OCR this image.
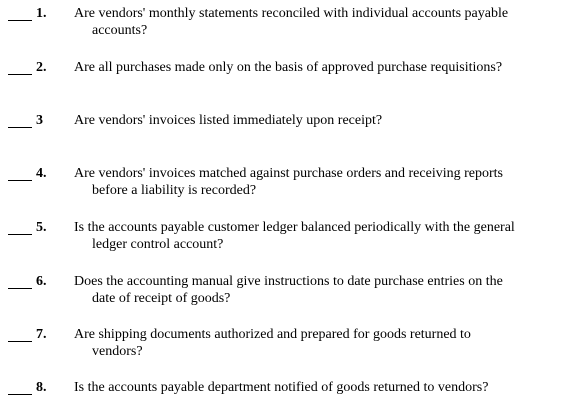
1. Are vendors' monthly statements reconciled with individual accounts payable
accounts?
2. Are all purchases made only on the basis of approved purchase requisitions?
3 Are vendors' invoices listed immediately upon receipt?
4. Are vendors' invoices matched against purchase orders and receiving reports
before a liability is recorded?
5. Is the accounts payable customer ledger balanced periodically with the general
ledger control account?
6. Does the accounting manual give instructions to date purchase entries on the
date of receipt of goods?
7. Are shipping documents authorized and prepared for goods returned to
vendors?
8. Is the accounts payable department notified of goods returned to vendors?
